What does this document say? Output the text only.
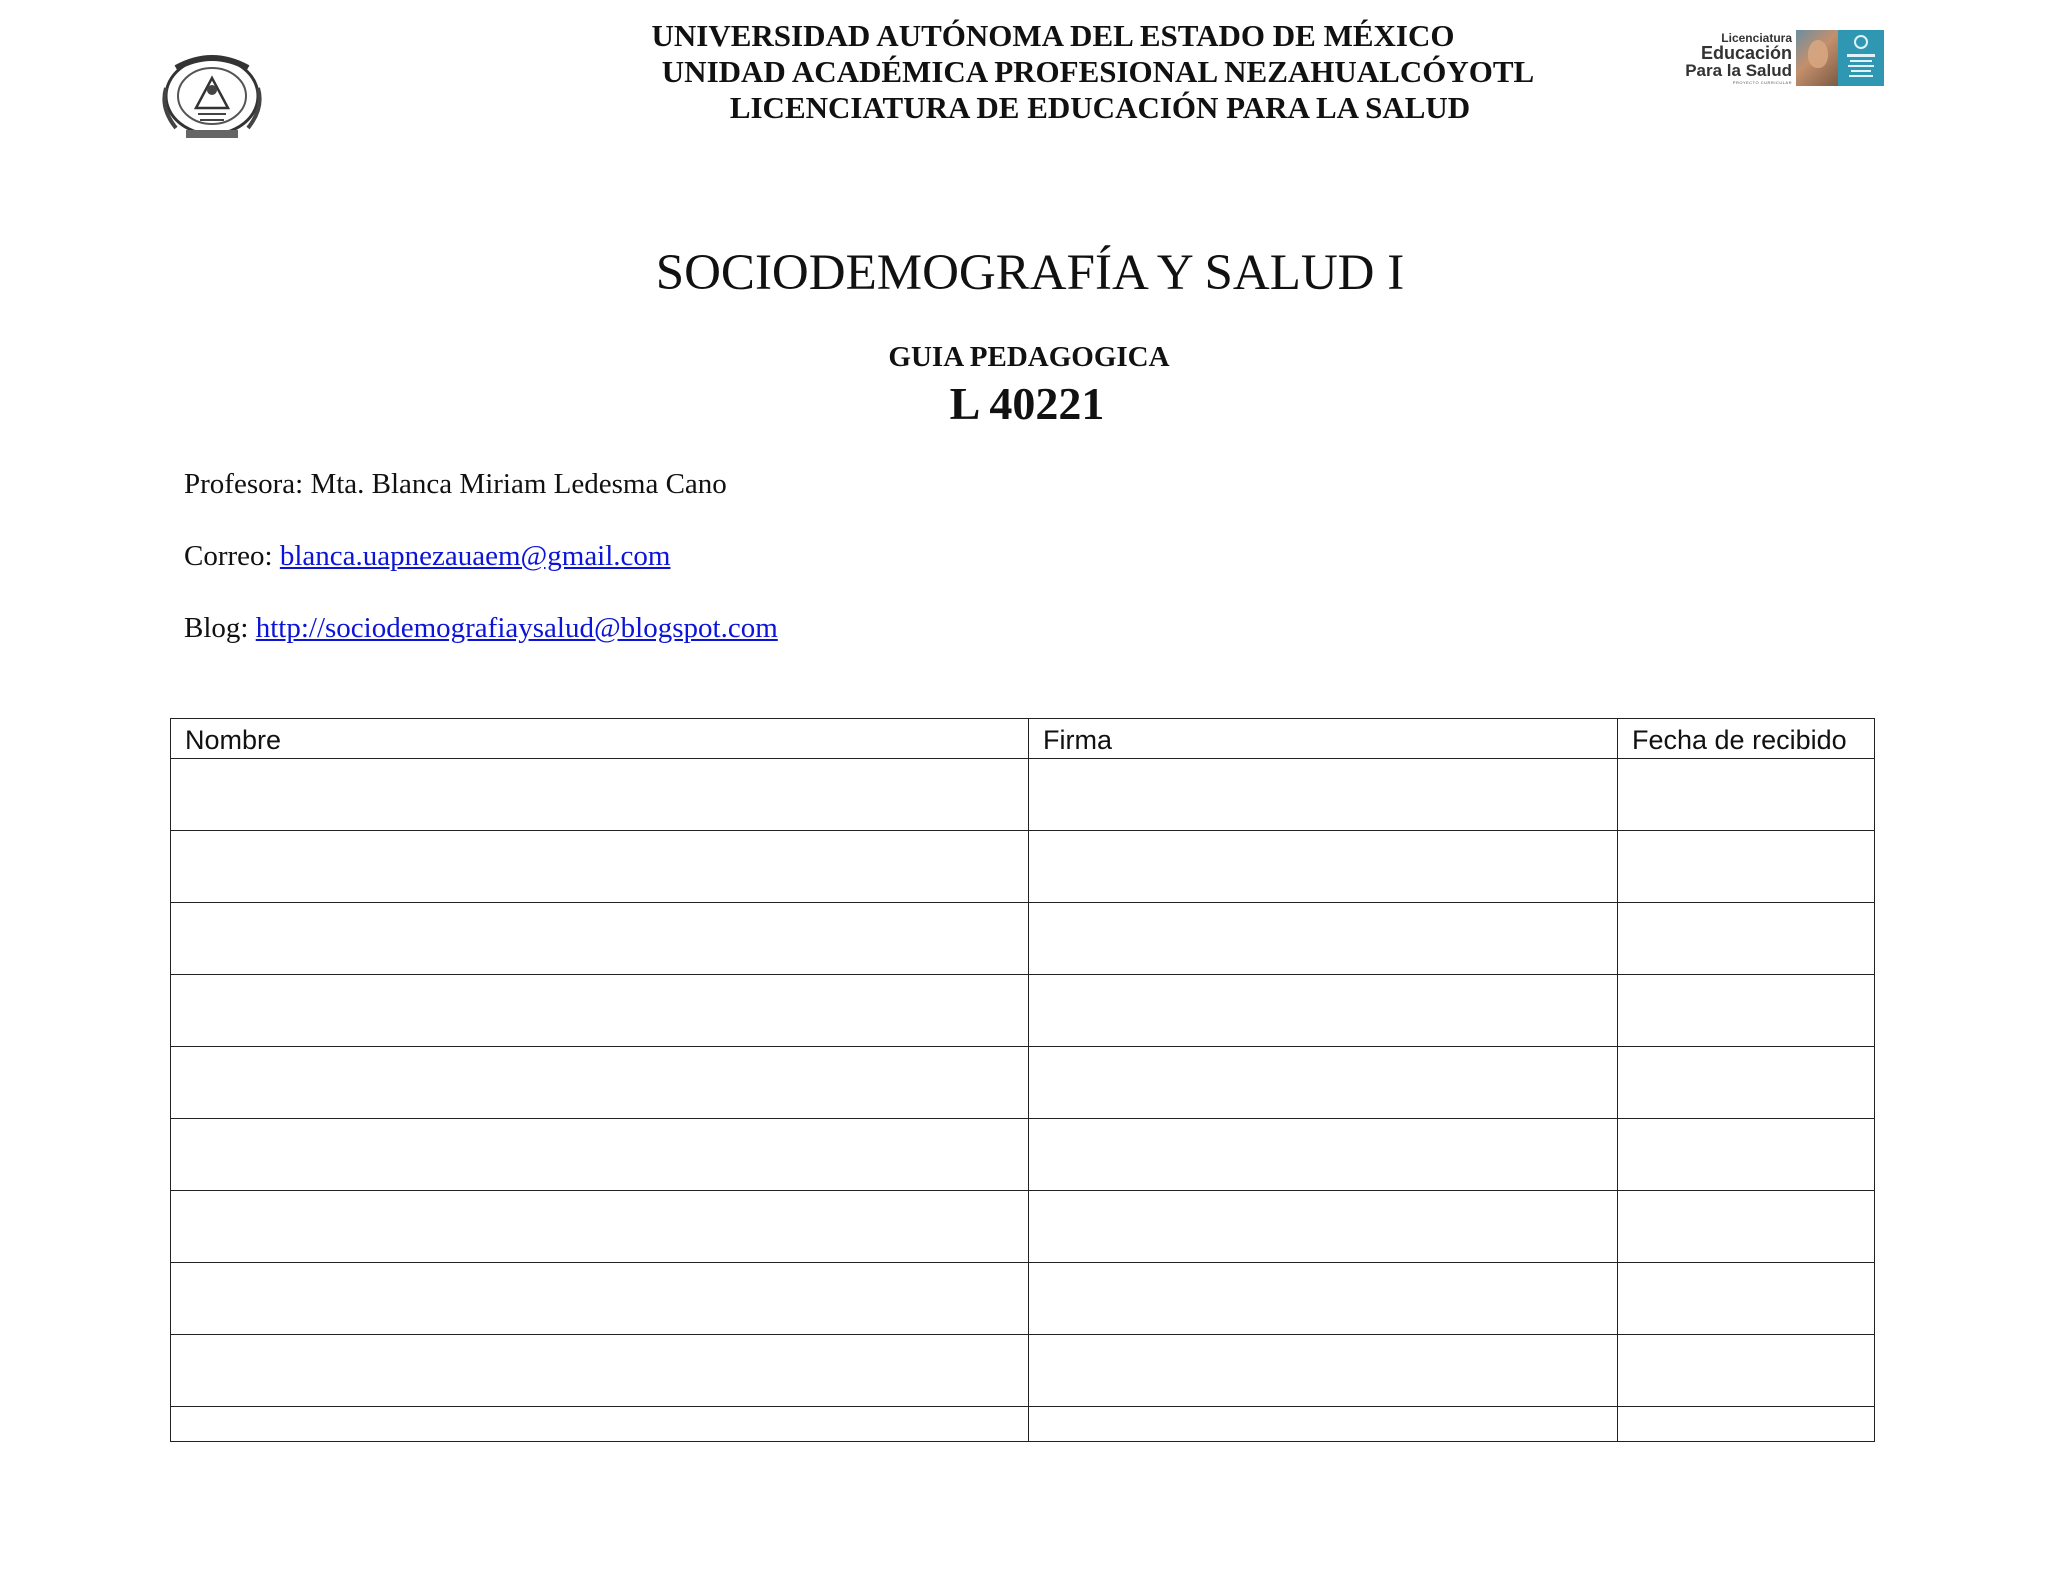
UNIVERSIDAD AUTÓNOMA DEL ESTADO DE MÉXICO
UNIDAD ACADÉMICA PROFESIONAL NEZAHUALCÓYOTL
LICENCIATURA DE EDUCACIÓN PARA LA SALUD
Licenciatura
Educación
Para la Salud
PROYECTO CURRICULAR
SOCIODEMOGRAFÍA Y SALUD I
GUIA PEDAGOGICA
L 40221
Profesora: Mta. Blanca Miriam Ledesma Cano
Correo: blanca.uapnezauaem@gmail.com
Blog: http://sociodemografiaysalud@blogspot.com
Nombre	Firma	Fecha de recibido
